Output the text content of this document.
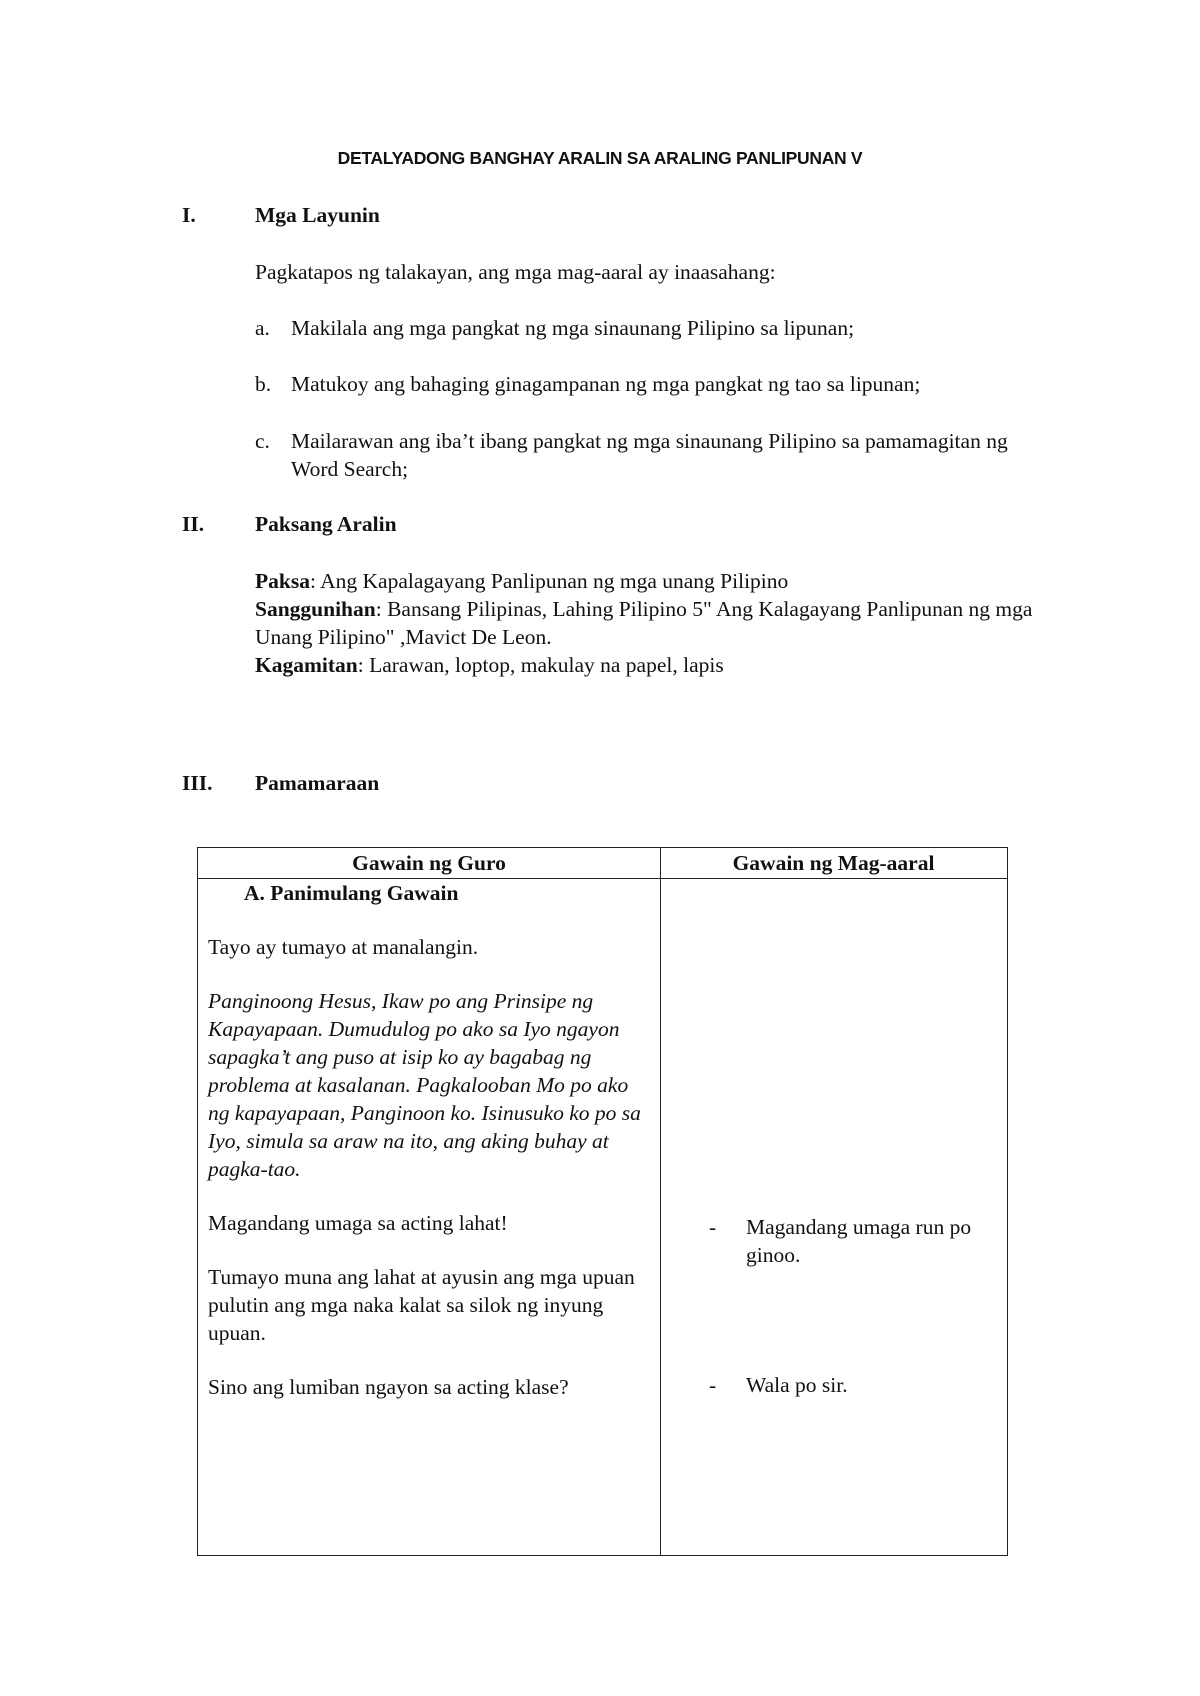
DETALYADONG BANGHAY ARALIN SA ARALING PANLIPUNAN V
I.	Mga Layunin
Pagkatapos ng talakayan, ang mga mag-aaral ay inaasahang:
a. Makilala ang mga pangkat ng mga sinaunang Pilipino sa lipunan;
b. Matukoy ang bahaging ginagampanan ng mga pangkat ng tao sa lipunan;
c. Mailarawan ang iba’t ibang pangkat ng mga sinaunang Pilipino sa pamamagitan ng Word Search;
II. Paksang Aralin
Paksa: Ang Kapalagayang Panlipunan ng mga unang Pilipino
Sanggunihan: Bansang Pilipinas, Lahing Pilipino 5" Ang Kalagayang Panlipunan ng mga Unang Pilipino" ,Mavict De Leon.
Kagamitan: Larawan, loptop, makulay na papel, lapis
III. Pamamaraan
Gawain ng Guro	Gawain ng Mag-aaral

A. Panimulang Gawain

Tayo ay tumayo at manalangin.

Panginoong Hesus, Ikaw po ang Prinsipe ng Kapayapaan. Dumudulog po ako sa Iyo ngayon sapagka’t ang puso at isip ko ay bagabag ng problema at kasalanan. Pagkalooban Mo po ako ng kapayapaan, Panginoon ko. Isinusuko ko po sa Iyo, simula sa araw na ito, ang aking buhay at pagka-tao.

Magandang umaga sa acting lahat!

Tumayo muna ang lahat at ayusin ang mga upuan pulutin ang mga naka kalat sa silok ng inyung upuan.

Sino ang lumiban ngayon sa acting klase?

- Magandang umaga run po ginoo.
- Wala po sir.
